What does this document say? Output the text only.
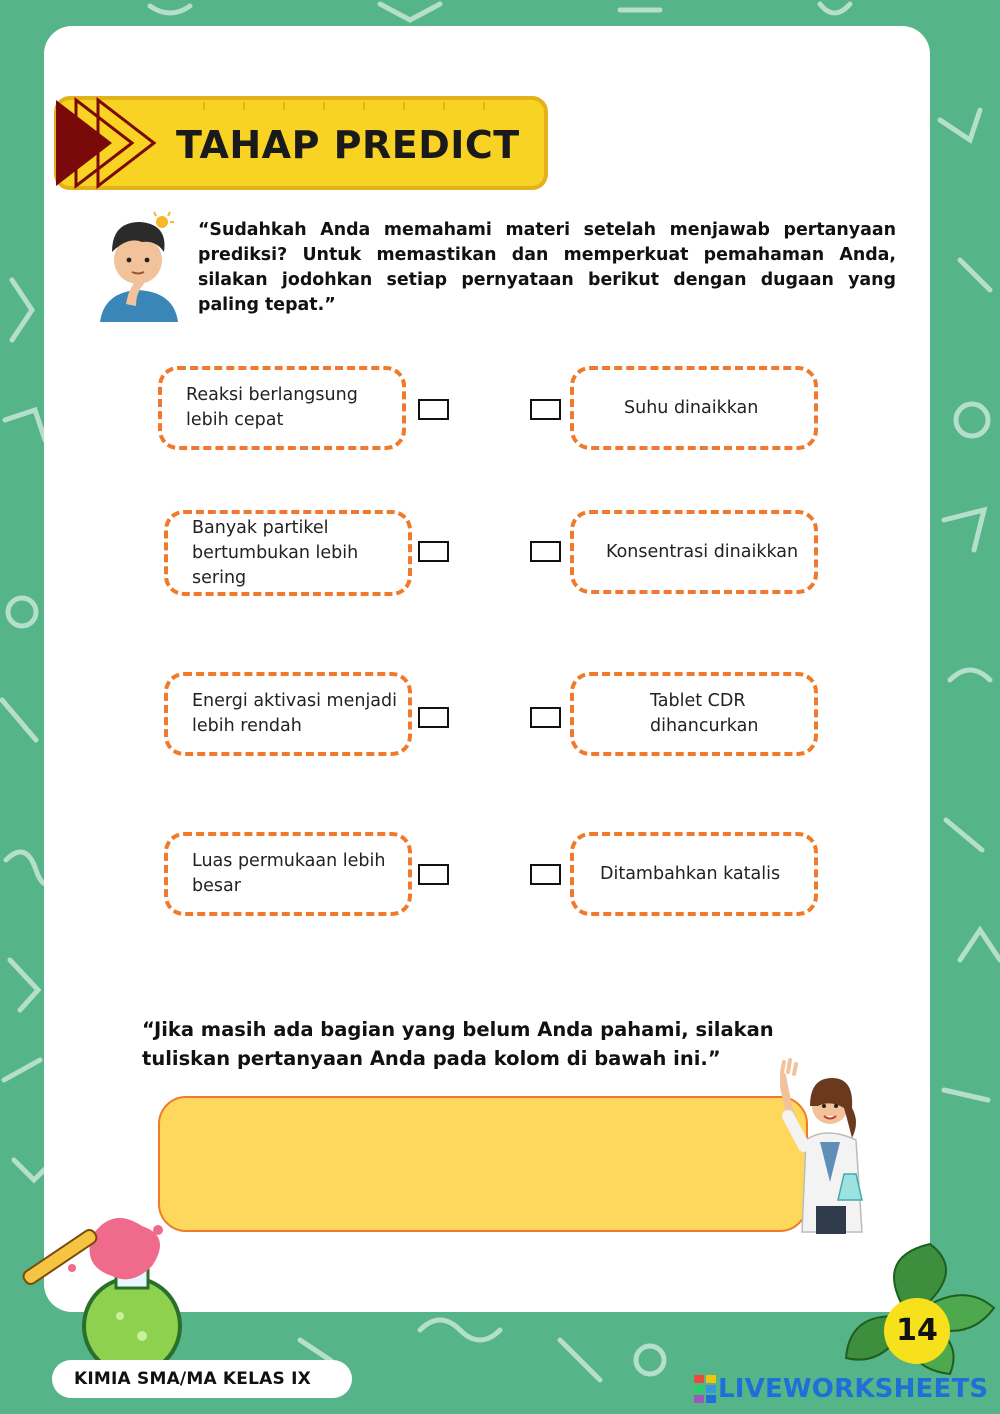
TAHAP PREDICT
“Sudahkah Anda memahami materi setelah menjawab pertanyaan prediksi? Untuk memastikan dan memperkuat pemahaman Anda, silakan jodohkan setiap pernyataan berikut dengan dugaan yang paling tepat.”
Reaksi berlangsung lebih cepat
Banyak partikel bertumbukan lebih sering
Energi aktivasi menjadi lebih rendah
Luas permukaan lebih besar
Suhu dinaikkan
Konsentrasi dinaikkan
Tablet CDR dihancurkan
Ditambahkan katalis
“Jika masih ada bagian yang belum Anda pahami, silakan tuliskan pertanyaan Anda pada kolom di bawah ini.”
14
KIMIA SMA/MA KELAS IX	LIVEWORKSHEETS
